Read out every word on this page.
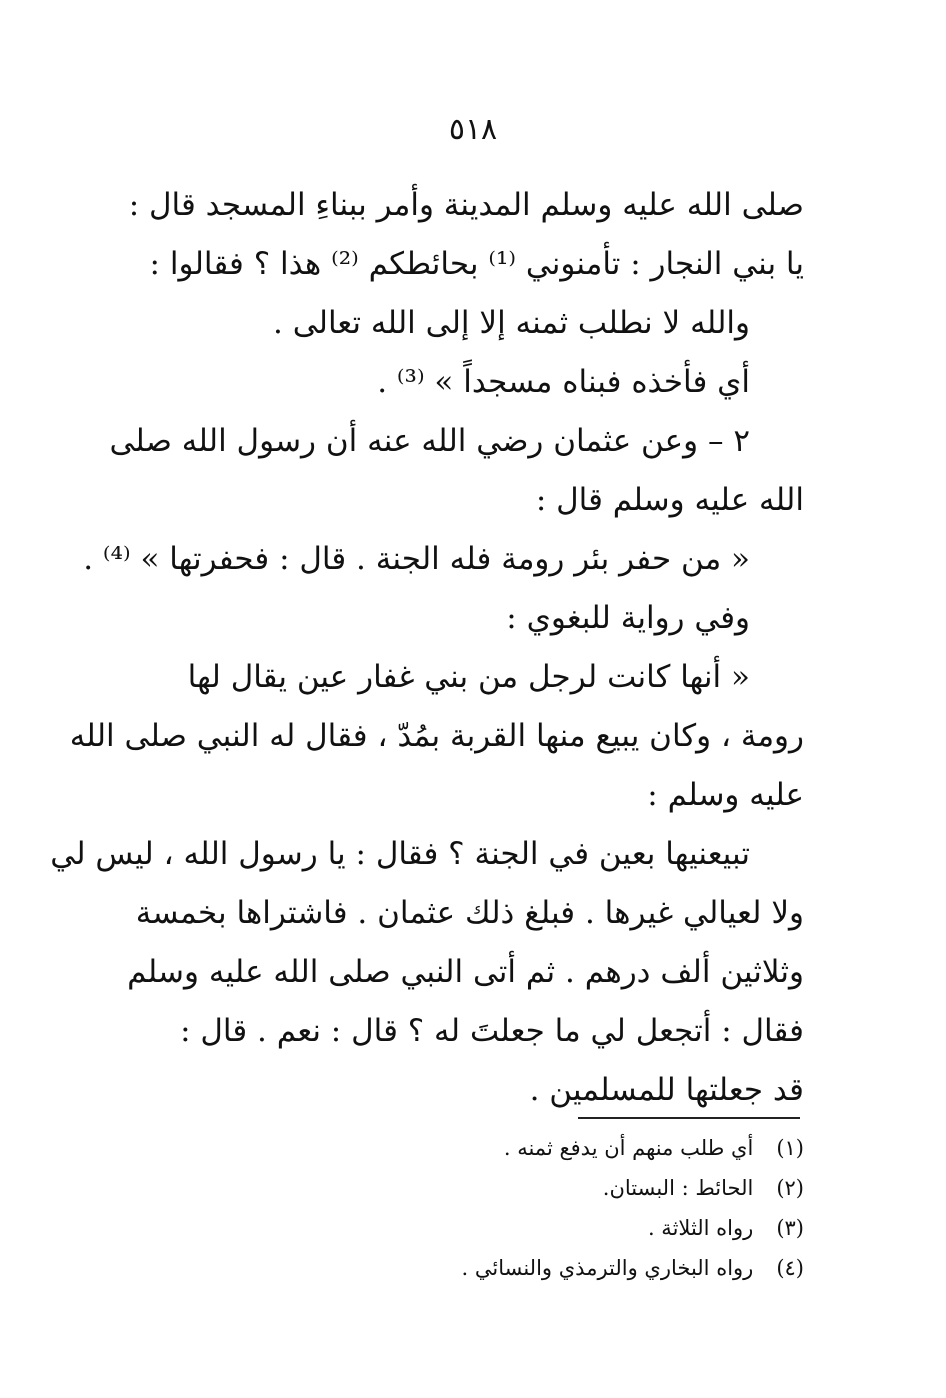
٥١٨
صلى الله عليه وسلم المدينة وأمر ببناءِ المسجد قال :
يا بني النجار : تأمنوني ⁽¹⁾ بحائطكم ⁽²⁾ هذا ؟ فقالوا :
والله لا نطلب ثمنه إلا إلى الله تعالى .
أي فأخذه فبناه مسجداً » ⁽³⁾ .
٢ – وعن عثمان رضي الله عنه أن رسول الله صلى
الله عليه وسلم قال :
« من حفر بئر رومة فله الجنة . قال : فحفرتها » ⁽⁴⁾ .
وفي رواية للبغوي :
« أنها كانت لرجل من بني غفار عين يقال لها
رومة ، وكان يبيع منها القربة بمُدّ ، فقال له النبي صلى الله
عليه وسلم :
تبيعنيها بعين في الجنة ؟ فقال : يا رسول الله ، ليس لي
ولا لعيالي غيرها . فبلغ ذلك عثمان . فاشتراها بخمسة
وثلاثين ألف درهم . ثم أتى النبي صلى الله عليه وسلم
فقال : أتجعل لي ما جعلتَ له ؟ قال : نعم . قال :
قد جعلتها للمسلمين .
(١) أي طلب منهم أن يدفع ثمنه .
(٢) الحائط : البستان.
(٣) رواه الثلاثة .
(٤) رواه البخاري والترمذي والنسائي .
